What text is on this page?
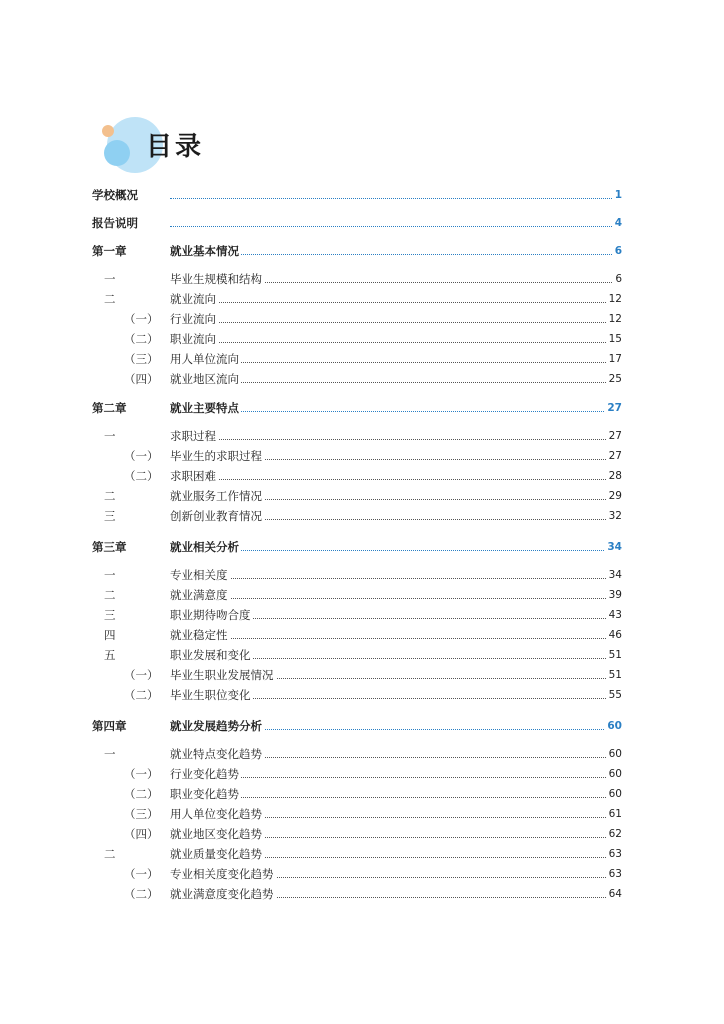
目录
学校概况	1
报告说明	4
第一章	就业基本情况	6
一	毕业生规模和结构	6
二	就业流向	12
（一） 行业流向	12
（二） 职业流向	15
（三） 用人单位流向	17
（四） 就业地区流向	25
第二章	就业主要特点	27
一	求职过程	27
（一） 毕业生的求职过程	27
（二） 求职困难	28
二	就业服务工作情况	29
三	创新创业教育情况	32
第三章	就业相关分析	34
一	专业相关度	34
二	就业满意度	39
三	职业期待吻合度	43
四	就业稳定性	46
五	职业发展和变化	51
（一） 毕业生职业发展情况	51
（二） 毕业生职位变化	55
第四章	就业发展趋势分析	60
一	就业特点变化趋势	60
（一） 行业变化趋势	60
（二） 职业变化趋势	60
（三） 用人单位变化趋势	61
（四） 就业地区变化趋势	62
二	就业质量变化趋势	63
（一） 专业相关度变化趋势	63
（二） 就业满意度变化趋势	64
